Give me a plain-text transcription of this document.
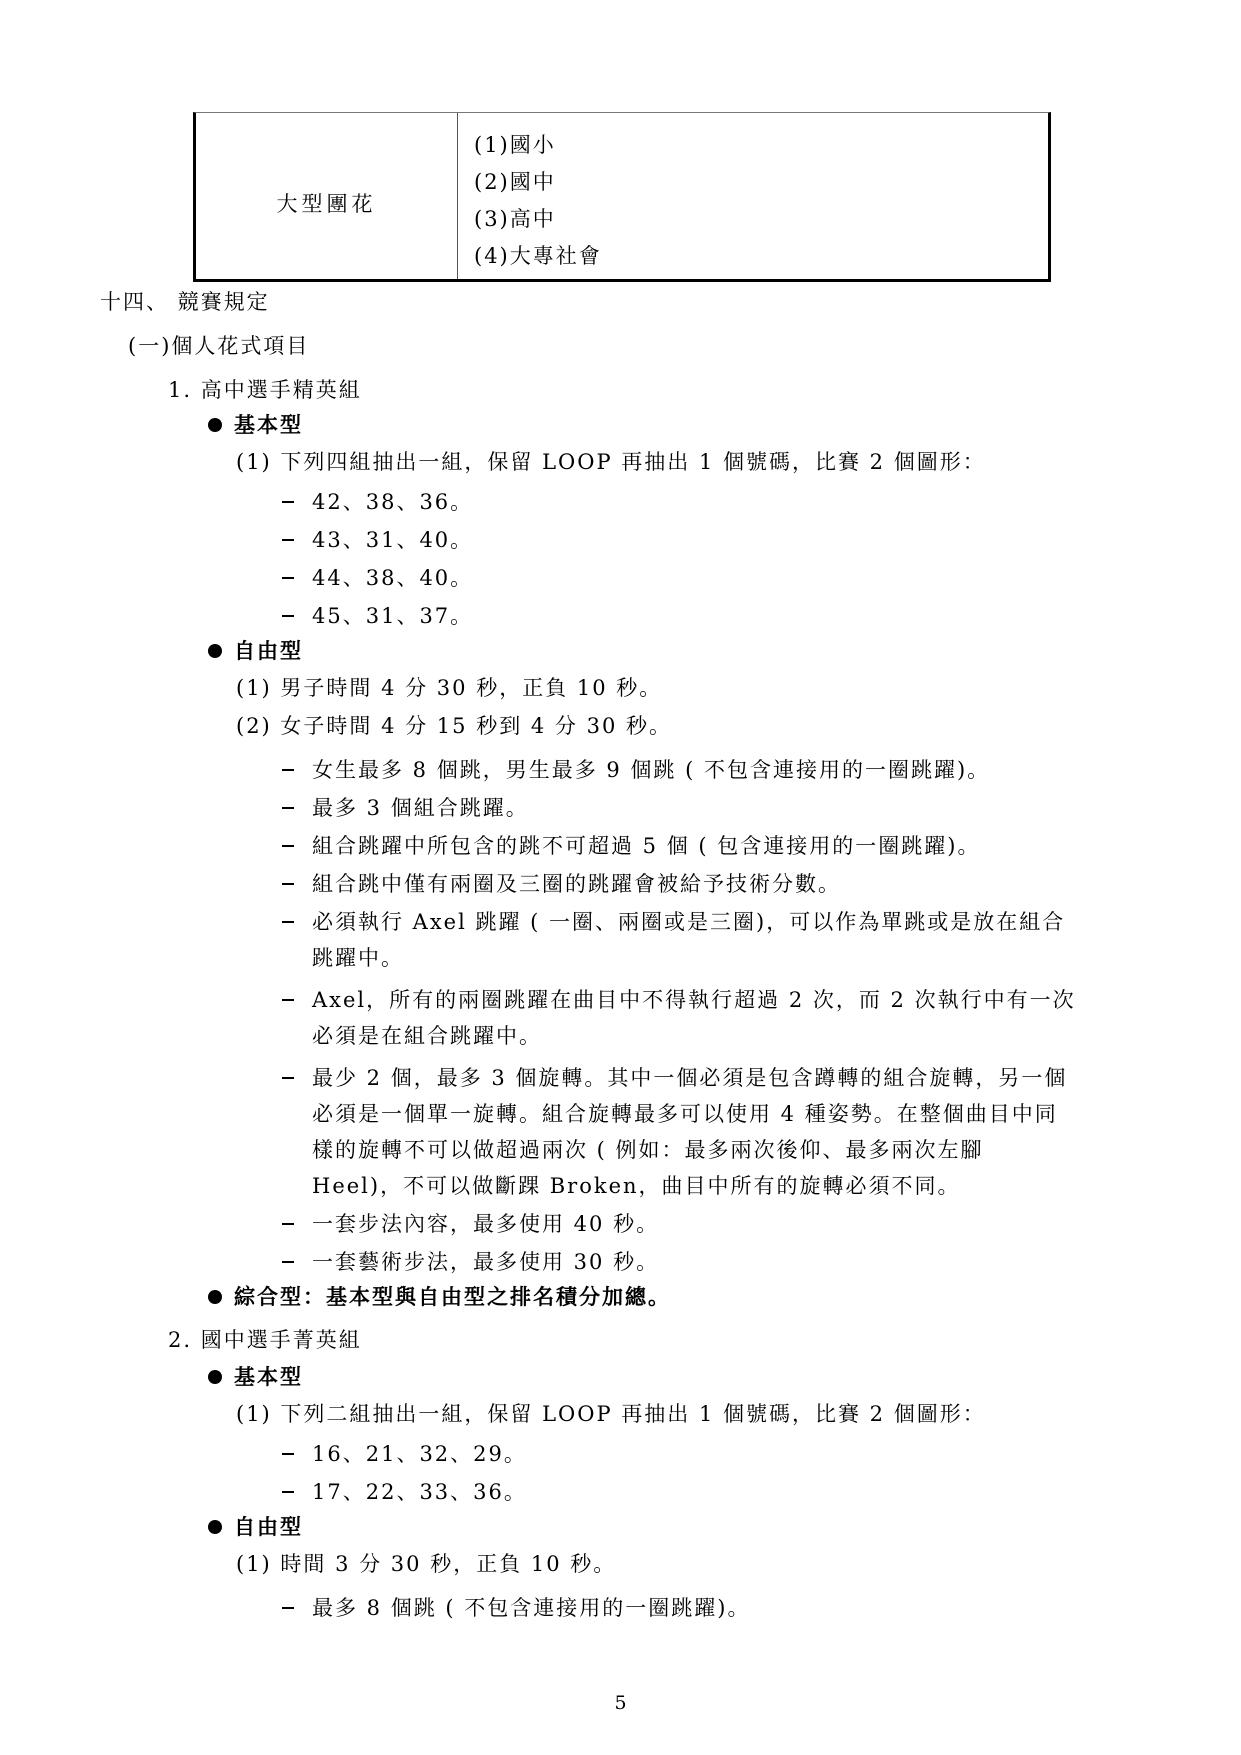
大型團花
(1)國小
(2)國中
(3)高中
(4)大專社會
十四、 競賽規定
(一)個人花式項目
1. 高中選手精英組
基本型
(1) 下列四組抽出一組，保留 LOOP 再抽出 1 個號碼，比賽 2 個圖形：
42、38、36。
43、31、40。
44、38、40。
45、31、37。
自由型
(1) 男子時間 4 分 30 秒，正負 10 秒。
(2) 女子時間 4 分 15 秒到 4 分 30 秒。
女生最多 8 個跳，男生最多 9 個跳 ( 不包含連接用的一圈跳躍)。
最多 3 個組合跳躍。
組合跳躍中所包含的跳不可超過 5 個 ( 包含連接用的一圈跳躍)。
組合跳中僅有兩圈及三圈的跳躍會被給予技術分數。
必須執行 Axel 跳躍 ( 一圈、兩圈或是三圈)，可以作為單跳或是放在組合
跳躍中。
Axel，所有的兩圈跳躍在曲目中不得執行超過 2 次，而 2 次執行中有一次
必須是在組合跳躍中。
最少 2 個，最多 3 個旋轉。其中一個必須是包含蹲轉的組合旋轉，另一個
必須是一個單一旋轉。組合旋轉最多可以使用 4 種姿勢。在整個曲目中同
樣的旋轉不可以做超過兩次 ( 例如：最多兩次後仰、最多兩次左腳
Heel)，不可以做斷踝 Broken，曲目中所有的旋轉必須不同。
一套步法內容，最多使用 40 秒。
一套藝術步法，最多使用 30 秒。
綜合型：基本型與自由型之排名積分加總。
2. 國中選手菁英組
基本型
(1) 下列二組抽出一組，保留 LOOP 再抽出 1 個號碼，比賽 2 個圖形：
16、21、32、29。
17、22、33、36。
自由型
(1) 時間 3 分 30 秒，正負 10 秒。
最多 8 個跳 ( 不包含連接用的一圈跳躍)。
5
